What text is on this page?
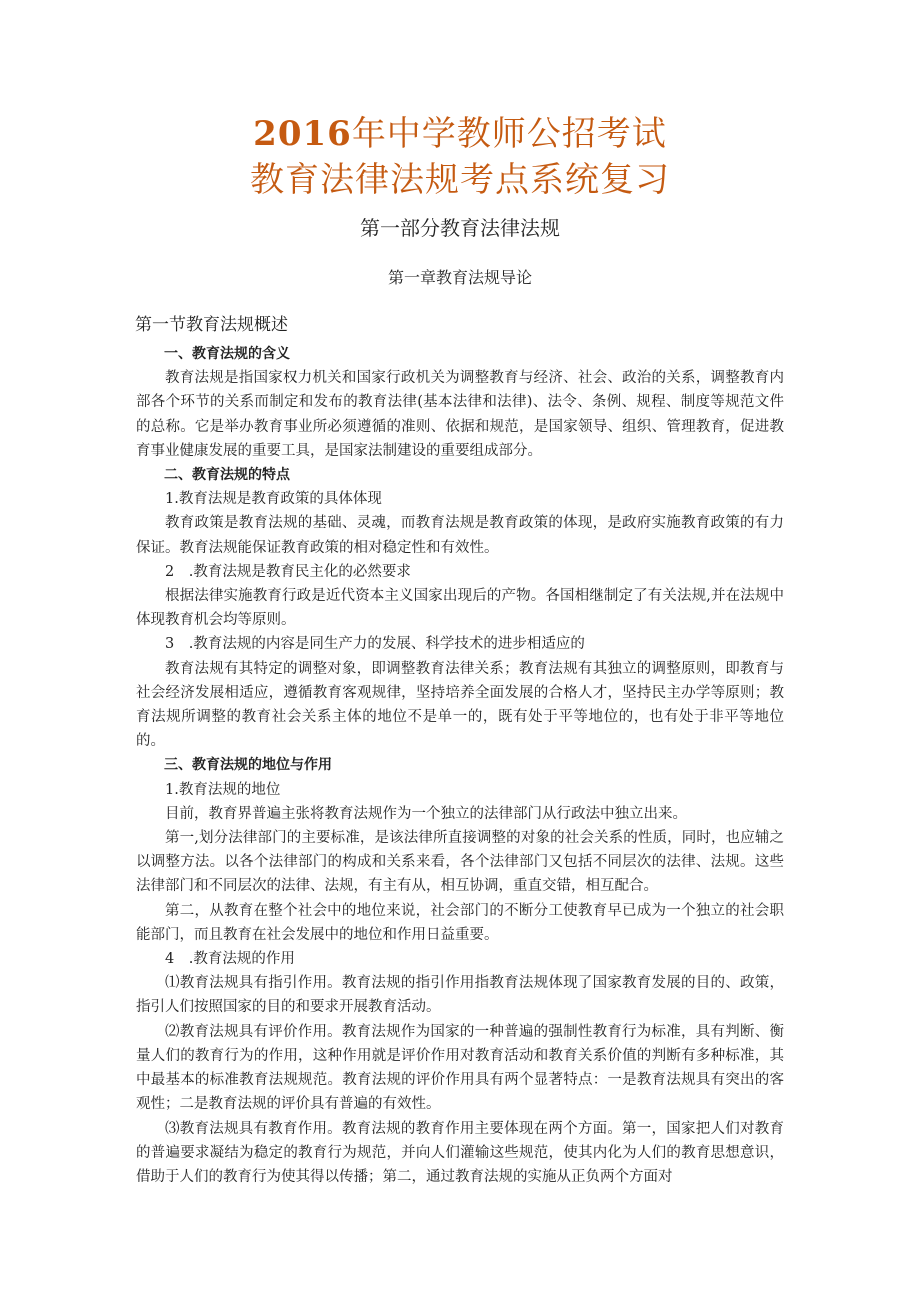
2016年中学教师公招考试
教育法律法规考点系统复习
第一部分教育法律法规
第一章教育法规导论
第一节教育法规概述

一、教育法规的含义

教育法规是指国家权力机关和国家行政机关为调整教育与经济、社会、政治的关系，调整教育内部各个环节的关系而制定和发布的教育法律(基本法律和法律)、法令、条例、规程、制度等规范文件的总称。它是举办教育事业所必须遵循的准则、依据和规范，是国家领导、组织、管理教育，促进教育事业健康发展的重要工具，是国家法制建设的重要组成部分。

二、教育法规的特点

1.教育法规是教育政策的具体体现

教育政策是教育法规的基础、灵魂，而教育法规是教育政策的体现，是政府实施教育政策的有力保证。教育法规能保证教育政策的相对稳定性和有效性。

2　.教育法规是教育民主化的必然要求

根据法律实施教育行政是近代资本主义国家出现后的产物。各国相继制定了有关法规,并在法规中体现教育机会均等原则。

3　.教育法规的内容是同生产力的发展、科学技术的进步相适应的

教育法规有其特定的调整对象，即调整教育法律关系；教育法规有其独立的调整原则，即教育与社会经济发展相适应，遵循教育客观规律，坚持培养全面发展的合格人才，坚持民主办学等原则；教育法规所调整的教育社会关系主体的地位不是单一的，既有处于平等地位的，也有处于非平等地位的。

三、教育法规的地位与作用

1.教育法规的地位

目前，教育界普遍主张将教育法规作为一个独立的法律部门从行政法中独立出来。

第一,划分法律部门的主要标准，是该法律所直接调整的对象的社会关系的性质，同时，也应辅之以调整方法。以各个法律部门的构成和关系来看，各个法律部门又包括不同层次的法律、法规。这些法律部门和不同层次的法律、法规，有主有从，相互协调，重直交错，相互配合。

第二，从教育在整个社会中的地位来说，社会部门的不断分工使教育早已成为一个独立的社会职能部门，而且教育在社会发展中的地位和作用日益重要。

4　.教育法规的作用

⑴教育法规具有指引作用。教育法规的指引作用指教育法规体现了国家教育发展的目的、政策，指引人们按照国家的目的和要求开展教育活动。

⑵教育法规具有评价作用。教育法规作为国家的一种普遍的强制性教育行为标准，具有判断、衡量人们的教育行为的作用，这种作用就是评价作用对教育活动和教育关系价值的判断有多种标准，其中最基本的标准教育法规规范。教育法规的评价作用具有两个显著特点：一是教育法规具有突出的客观性；二是教育法规的评价具有普遍的有效性。

⑶教育法规具有教育作用。教育法规的教育作用主要体现在两个方面。第一，国家把人们对教育的普遍要求凝结为稳定的教育行为规范，并向人们灌输这些规范，使其内化为人们的教育思想意识，借助于人们的教育行为使其得以传播；第二，通过教育法规的实施从正负两个方面对
